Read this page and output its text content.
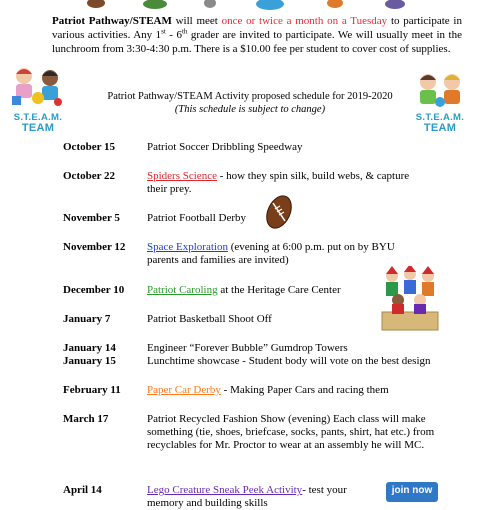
Patriot Pathway/STEAM will meet once or twice a month on a Tuesday to participate in various activities. Any 1st - 6th grader are invited to participate. We will usually meet in the lunchroom from 3:30-4:30 p.m. There is a $10.00 fee per student to cover cost of supplies.
S.T.E.A.M.
TEAM
S.T.E.A.M.
TEAM
Patriot Pathway/STEAM Activity proposed schedule for 2019-2020
(This schedule is subject to change)
October 15	Patriot Soccer Dribbling Speedway
October 22	Spiders Science - how they spin silk, build webs, & capture their prey.
November 5	Patriot Football Derby
November 12	Space Exploration (evening at 6:00 p.m. put on by BYU parents and families are invited)
December 10	Patriot Caroling at the Heritage Care Center
January 7	Patriot Basketball Shoot Off
January 14	Engineer “Forever Bubble” Gumdrop Towers
January 15	Lunchtime showcase - Student body will vote on the best design
February 11	Paper Car Derby - Making Paper Cars and racing them
March 17	Patriot Recycled Fashion Show (evening) Each class will make something (tie, shoes, briefcase, socks, pants, shirt, hat etc.) from recyclables for Mr. Proctor to wear at an assembly he will MC.
April 14	Lego Creature Sneak Peek Activity- test your memory and building skills
join now
